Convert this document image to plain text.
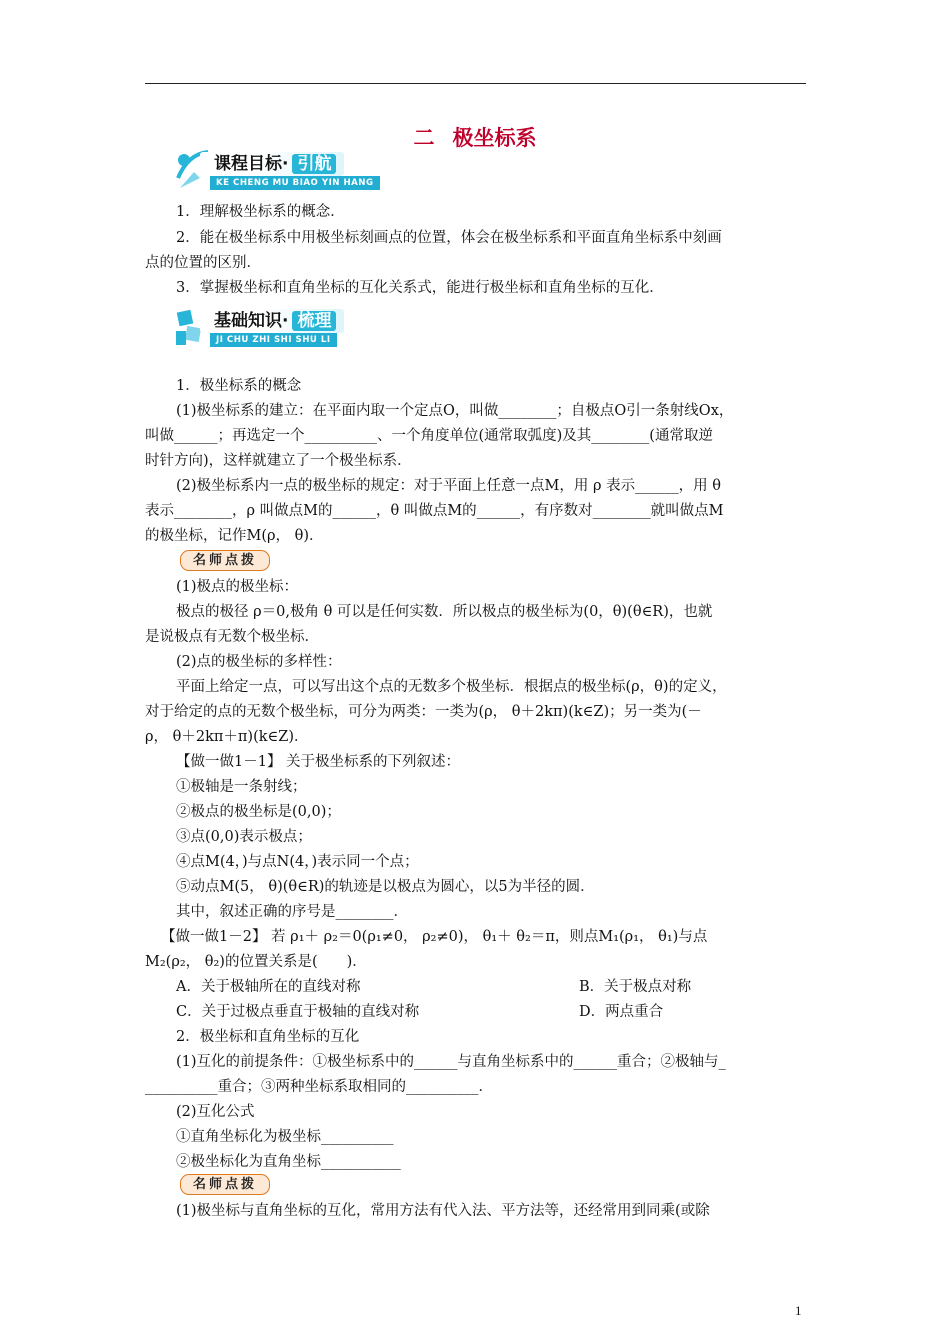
二 极坐标系
课程目标· 引航
KE CHENG MU BIAO YIN HANG
1．理解极坐标系的概念．
2．能在极坐标系中用极坐标刻画点的位置，体会在极坐标系和平面直角坐标系中刻画
点的位置的区别．
3．掌握极坐标和直角坐标的互化关系式，能进行极坐标和直角坐标的互化．
基础知识· 梳理
JI CHU ZHI SHI SHU LI
1．极坐标系的概念
(1)极坐标系的建立：在平面内取一个定点O，叫做________；自极点O引一条射线Ox，
叫做______；再选定一个__________、一个角度单位(通常取弧度)及其________(通常取逆
时针方向)，这样就建立了一个极坐标系．
(2)极坐标系内一点的极坐标的规定：对于平面上任意一点M，用 ρ 表示______，用 θ
表示________，ρ 叫做点M的______，θ 叫做点M的______，有序数对________就叫做点M
的极坐标，记作M(ρ， θ)．
名师点拨
(1)极点的极坐标：
极点的极径 ρ＝0,极角 θ 可以是任何实数．所以极点的极坐标为(0，θ)(θ∈R)，也就
是说极点有无数个极坐标．
(2)点的极坐标的多样性：
平面上给定一点，可以写出这个点的无数多个极坐标．根据点的极坐标(ρ，θ)的定义，
对于给定的点的无数个极坐标，可分为两类：一类为(ρ， θ＋2kπ)(k∈Z)；另一类为(－
ρ， θ＋2kπ＋π)(k∈Z)．
【做一做1－1】 关于极坐标系的下列叙述：
①极轴是一条射线；
②极点的极坐标是(0,0)；
③点(0,0)表示极点；
④点M(4，)与点N(4，)表示同一个点；
⑤动点M(5， θ)(θ∈R)的轨迹是以极点为圆心，以5为半径的圆．
其中，叙述正确的序号是________．
【做一做1－2】 若 ρ₁＋ ρ₂＝0(ρ₁≠0， ρ₂≠0)， θ₁＋ θ₂＝π，则点M₁(ρ₁， θ₁)与点
M₂(ρ₂， θ₂)的位置关系是(　　)．
A．关于极轴所在的直线对称	B．关于极点对称
C．关于过极点垂直于极轴的直线对称	D．两点重合
2．极坐标和直角坐标的互化
(1)互化的前提条件：①极坐标系中的______与直角坐标系中的______重合；②极轴与_
__________重合；③两种坐标系取相同的__________．
(2)互化公式
①直角坐标化为极坐标__________
②极坐标化为直角坐标___________
名师点拨
(1)极坐标与直角坐标的互化，常用方法有代入法、平方法等，还经常用到同乘(或除
1
